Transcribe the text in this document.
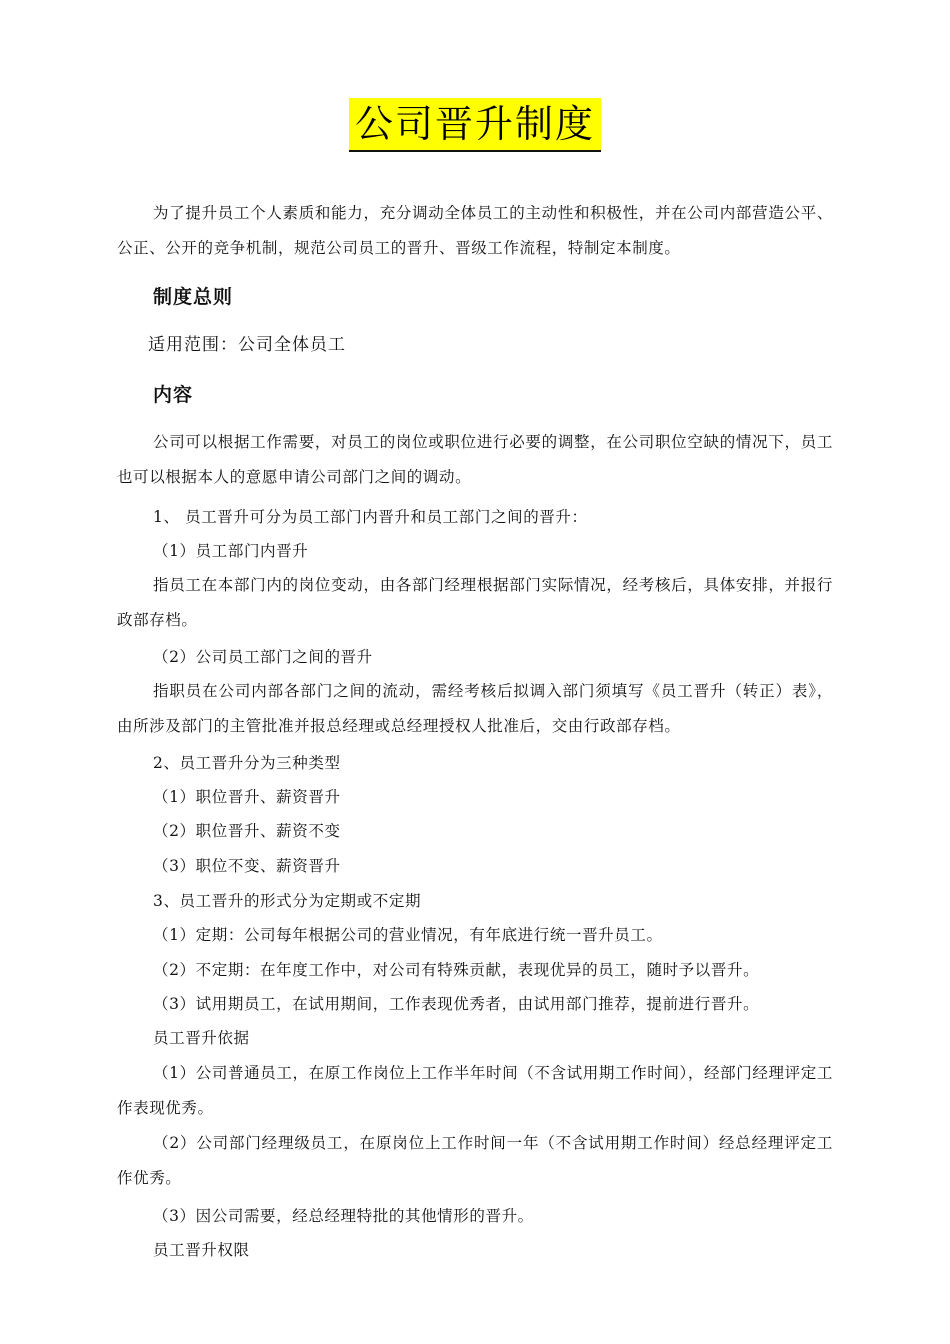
公司晋升制度

为了提升员工个人素质和能力，充分调动全体员工的主动性和积极性，并在公司内部营造公平、公正、公开的竞争机制，规范公司员工的晋升、晋级工作流程，特制定本制度。

制度总则
适用范围：公司全体员工
内容

公司可以根据工作需要，对员工的岗位或职位进行必要的调整，在公司职位空缺的情况下，员工也可以根据本人的意愿申请公司部门之间的调动。

1、 员工晋升可分为员工部门内晋升和员工部门之间的晋升：
（1）员工部门内晋升

指员工在本部门内的岗位变动，由各部门经理根据部门实际情况，经考核后，具体安排，并报行政部存档。

（2）公司员工部门之间的晋升

指职员在公司内部各部门之间的流动，需经考核后拟调入部门须填写《员工晋升（转正）表》，由所涉及部门的主管批准并报总经理或总经理授权人批准后，交由行政部存档。

2、员工晋升分为三种类型
（1）职位晋升、薪资晋升
（2）职位晋升、薪资不变
（3）职位不变、薪资晋升
3、员工晋升的形式分为定期或不定期
（1）定期：公司每年根据公司的营业情况，有年底进行统一晋升员工。
（2）不定期：在年度工作中，对公司有特殊贡献，表现优异的员工，随时予以晋升。
（3）试用期员工，在试用期间，工作表现优秀者，由试用部门推荐，提前进行晋升。
员工晋升依据

（1）公司普通员工，在原工作岗位上工作半年时间（不含试用期工作时间），经部门经理评定工作表现优秀。

（2）公司部门经理级员工，在原岗位上工作时间一年（不含试用期工作时间）经总经理评定工作优秀。

（3）因公司需要，经总经理特批的其他情形的晋升。
员工晋升权限
